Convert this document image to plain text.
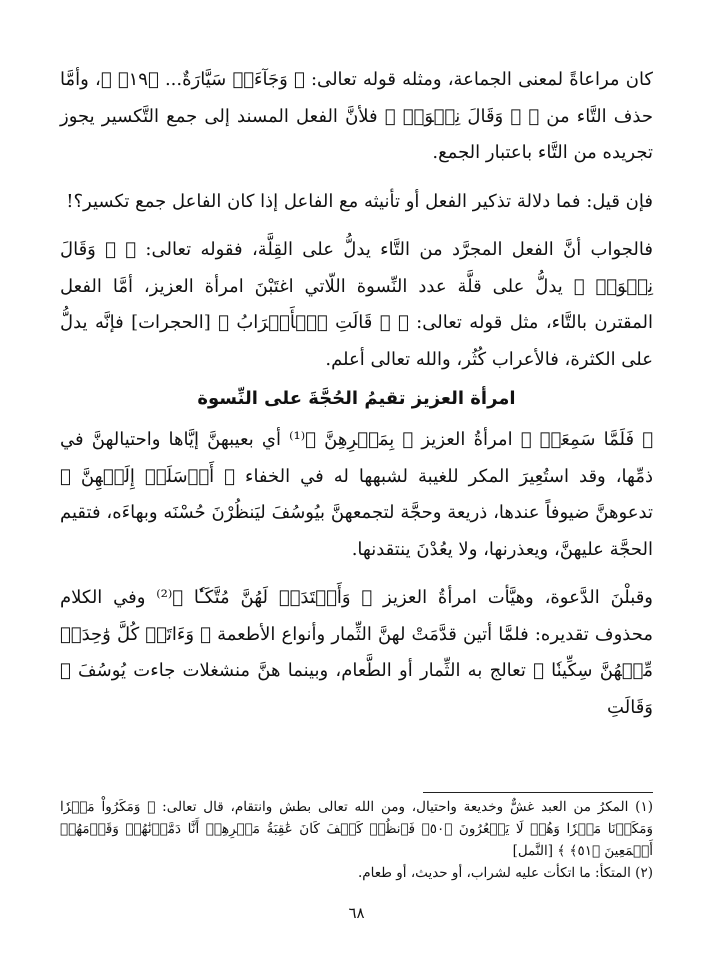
كان مراعاةً لمعنى الجماعة، ومثله قوله تعالى: ﴿ وَجَآءَتۡ سَيَّارَةٌ... ﴿١٩﴾ ﴾، وأمَّا حذف التَّاء من ﴿ ﴿ وَقَالَ نِسۡوَةٞ ﴾ فلأنَّ الفعل المسند إلى جمع التَّكسير يجوز تجريده من التَّاء باعتبار الجمع.

فإن قيل: فما دلالة تذكير الفعل أو تأنيثه مع الفاعل إذا كان الفاعل جمع تكسير؟!

فالجواب أنَّ الفعل المجرَّد من التَّاء يدلُّ على القِلَّة، فقوله تعالى: ﴿ ﴿ وَقَالَ نِسۡوَةٞ ﴾ يدلُّ على قلَّة عدد النِّسوة اللّاتي اغتَبْنَ امرأة العزيز، أمَّا الفعل المقترن بالتَّاء، مثل قوله تعالى: ﴿ ﴿ قَالَتِ ٱلۡأَعۡرَابُ ﴾ [الحجرات] فإنَّه يدلُّ على الكثرة، فالأعراب كُثُر، والله تعالى أعلم.

امرأة العزيز تقيمُ الحُجَّةَ على النِّسوة

﴿ فَلَمَّا سَمِعَتۡ ﴾ امرأةُ العزيز ﴿ بِمَكۡرِهِنَّ ﴾⁽¹⁾ أي بعيبهنَّ إيَّاها واحتيالهنَّ في ذمِّها، وقد استُعِيرَ المكر للغيبة لشبهها له في الخفاء ﴿ أَرۡسَلَتۡ إِلَيۡهِنَّ ﴾ تدعوهنَّ ضيوفاً عندها، ذريعة وحجَّة لتجمعهنَّ بيُوسُفَ ليَنظُرْنَ حُسْنَه وبهاءَه، فتقيم الحجَّة عليهنَّ، ويعذرنها، ولا يعُدْنَ ينتقدنها.

وقبلْنَ الدَّعوة، وهيَّأت امرأةُ العزيز ﴿ وَأَعۡتَدَتۡ لَهُنَّ مُتَّكَـٔٗا ﴾⁽²⁾ وفي الكلام محذوف تقديره: فلمَّا أتين قدَّمَتْ لهنَّ الثِّمار وأنواع الأطعمة ﴿ وَءَاتَتۡ كُلَّ وَٰحِدَةٖ مِّنۡهُنَّ سِكِّينٗا ﴾ تعالج به الثِّمار أو الطَّعام، وبينما هنَّ منشغلات جاءت يُوسُفَ ﴿ وَقَالَتِ

(١) المكرُ من العبد غشٌّ وخديعة واحتيال، ومن الله تعالى بطش وانتقام، قال تعالى: ﴿ وَمَكَرُواْ مَكۡرٗا وَمَكَرۡنَا مَكۡرٗا وَهُمۡ لَا يَشۡعُرُونَ ﴿٥٠﴾ فَٱنظُرۡ كَيۡفَ كَانَ عَٰقِبَةُ مَكۡرِهِمۡ أَنَّا دَمَّرۡنَٰهُمۡ وَقَوۡمَهُمۡ أَجۡمَعِينَ ﴿٥١﴾ ﴾ [النَّمل]

(٢) المتكأ: ما اتكأت عليه لشراب، أو حديث، أو طعام.

٦٨
